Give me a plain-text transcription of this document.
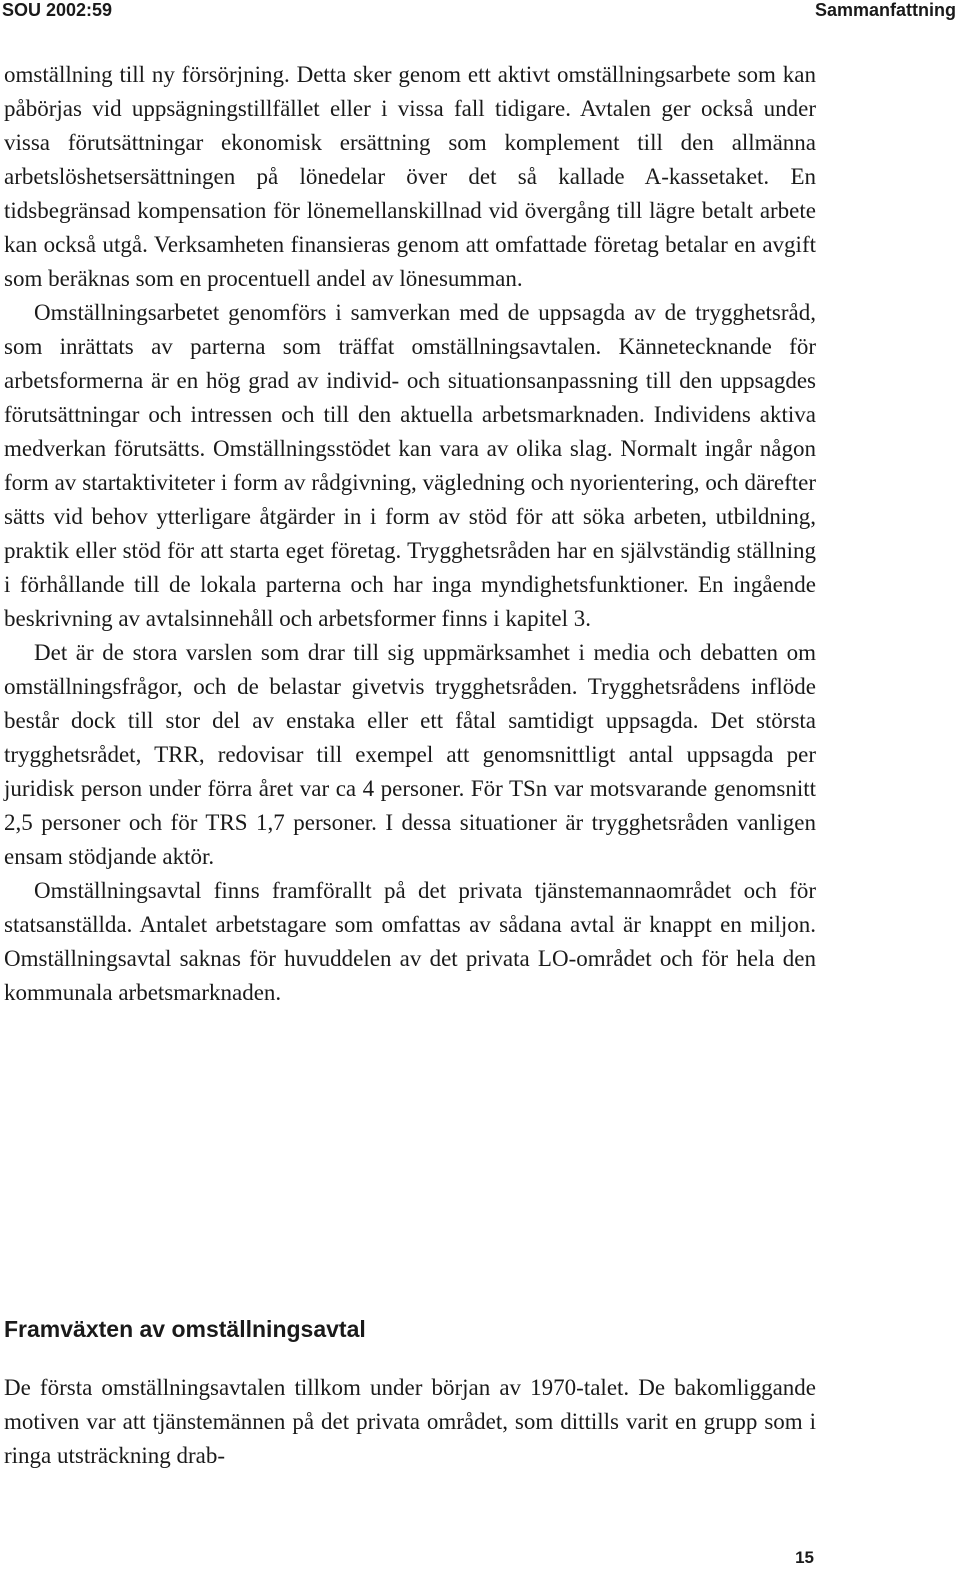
SOU 2002:59	Sammanfattning

omställning till ny försörjning. Detta sker genom ett aktivt omställningsarbete som kan påbörjas vid uppsägningstillfället eller i vissa fall tidigare. Avtalen ger också under vissa förutsättningar ekonomisk ersättning som komplement till den allmänna arbetslöshetsersättningen på lönedelar över det så kallade A-kassetaket. En tidsbegränsad kompensation för lönemellanskillnad vid övergång till lägre betalt arbete kan också utgå. Verksamheten finansieras genom att omfattade företag betalar en avgift som beräknas som en procentuell andel av lönesumman.

Omställningsarbetet genomförs i samverkan med de uppsagda av de trygghetsråd, som inrättats av parterna som träffat omställningsavtalen. Kännetecknande för arbetsformerna är en hög grad av individ- och situationsanpassning till den uppsagdes förutsättningar och intressen och till den aktuella arbetsmarknaden. Individens aktiva medverkan förutsätts. Omställningsstödet kan vara av olika slag. Normalt ingår någon form av startaktiviteter i form av rådgivning, vägledning och nyorientering, och därefter sätts vid behov ytterligare åtgärder in i form av stöd för att söka arbeten, utbildning, praktik eller stöd för att starta eget företag. Trygghetsråden har en självständig ställning i förhållande till de lokala parterna och har inga myndighetsfunktioner. En ingående beskrivning av avtalsinnehåll och arbetsformer finns i kapitel 3.

Det är de stora varslen som drar till sig uppmärksamhet i media och debatten om omställningsfrågor, och de belastar givetvis trygghetsråden. Trygghetsrådens inflöde består dock till stor del av enstaka eller ett fåtal samtidigt uppsagda. Det största trygghetsrådet, TRR, redovisar till exempel att genomsnittligt antal uppsagda per juridisk person under förra året var ca 4 personer. För TSn var motsvarande genomsnitt 2,5 personer och för TRS 1,7 personer. I dessa situationer är trygghetsråden vanligen ensam stödjande aktör.

Omställningsavtal finns framförallt på det privata tjänstemannaområdet och för statsanställda. Antalet arbetstagare som omfattas av sådana avtal är knappt en miljon. Omställningsavtal saknas för huvuddelen av det privata LO-området och för hela den kommunala arbetsmarknaden.

Framväxten av omställningsavtal

De första omställningsavtalen tillkom under början av 1970-talet. De bakomliggande motiven var att tjänstemännen på det privata området, som dittills varit en grupp som i ringa utsträckning drab-

15
